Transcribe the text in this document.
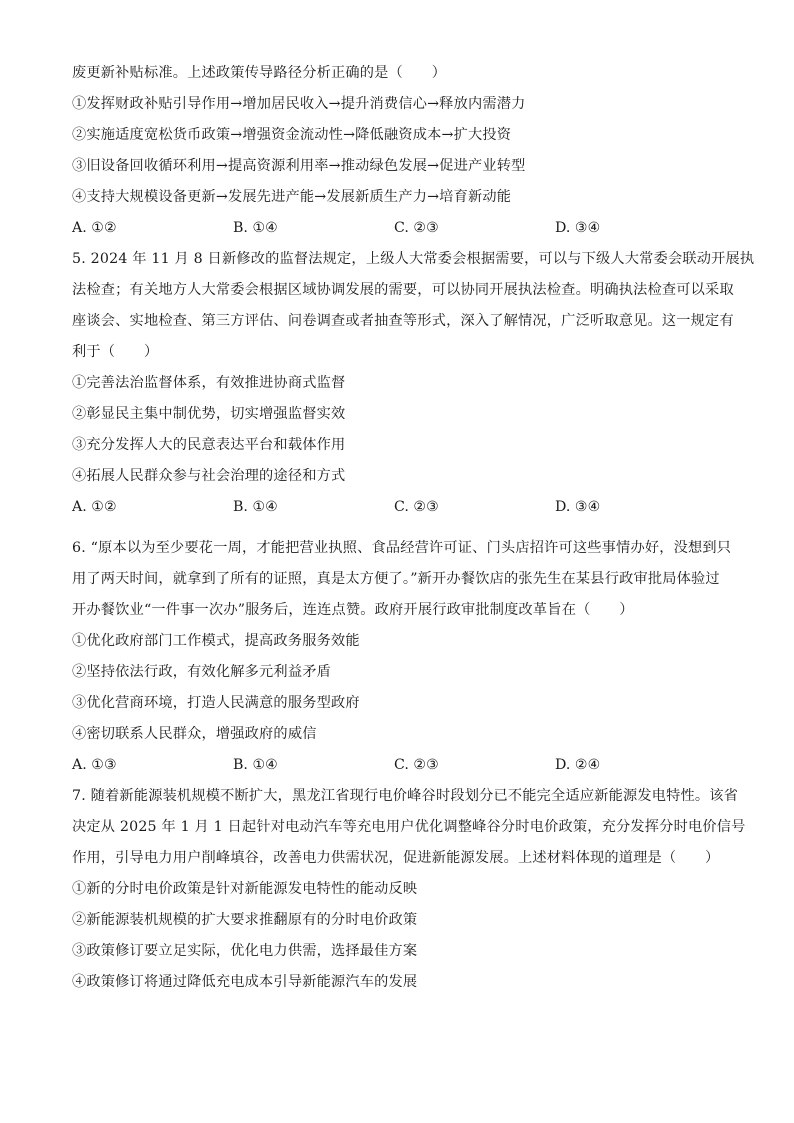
废更新补贴标准。上述政策传导路径分析正确的是（　　）
①发挥财政补贴引导作用→增加居民收入→提升消费信心→释放内需潜力
②实施适度宽松货币政策→增强资金流动性→降低融资成本→扩大投资
③旧设备回收循环利用→提高资源利用率→推动绿色发展→促进产业转型
④支持大规模设备更新→发展先进产能→发展新质生产力→培育新动能
A. ①②	B. ①④	C. ②③	D. ③④
5. 2024 年 11 月 8 日新修改的监督法规定，上级人大常委会根据需要，可以与下级人大常委会联动开展执
法检查；有关地方人大常委会根据区域协调发展的需要，可以协同开展执法检查。明确执法检查可以采取
座谈会、实地检查、第三方评估、问卷调查或者抽查等形式，深入了解情况，广泛听取意见。这一规定有
利于（　　）
①完善法治监督体系，有效推进协商式监督
②彰显民主集中制优势，切实增强监督实效
③充分发挥人大的民意表达平台和载体作用
④拓展人民群众参与社会治理的途径和方式
A. ①②	B. ①④	C. ②③	D. ③④
6. “原本以为至少要花一周，才能把营业执照、食品经营许可证、门头店招许可这些事情办好，没想到只
用了两天时间，就拿到了所有的证照，真是太方便了。”新开办餐饮店的张先生在某县行政审批局体验过
开办餐饮业“一件事一次办”服务后，连连点赞。政府开展行政审批制度改革旨在（　　）
①优化政府部门工作模式，提高政务服务效能
②坚持依法行政，有效化解多元利益矛盾
③优化营商环境，打造人民满意的服务型政府
④密切联系人民群众，增强政府的威信
A. ①③	B. ①④	C. ②③	D. ②④
7. 随着新能源装机规模不断扩大，黑龙江省现行电价峰谷时段划分已不能完全适应新能源发电特性。该省
决定从 2025 年 1 月 1 日起针对电动汽车等充电用户优化调整峰谷分时电价政策，充分发挥分时电价信号
作用，引导电力用户削峰填谷，改善电力供需状况，促进新能源发展。上述材料体现的道理是（　　）
①新的分时电价政策是针对新能源发电特性的能动反映
②新能源装机规模的扩大要求推翻原有的分时电价政策
③政策修订要立足实际，优化电力供需，选择最佳方案
④政策修订将通过降低充电成本引导新能源汽车的发展
